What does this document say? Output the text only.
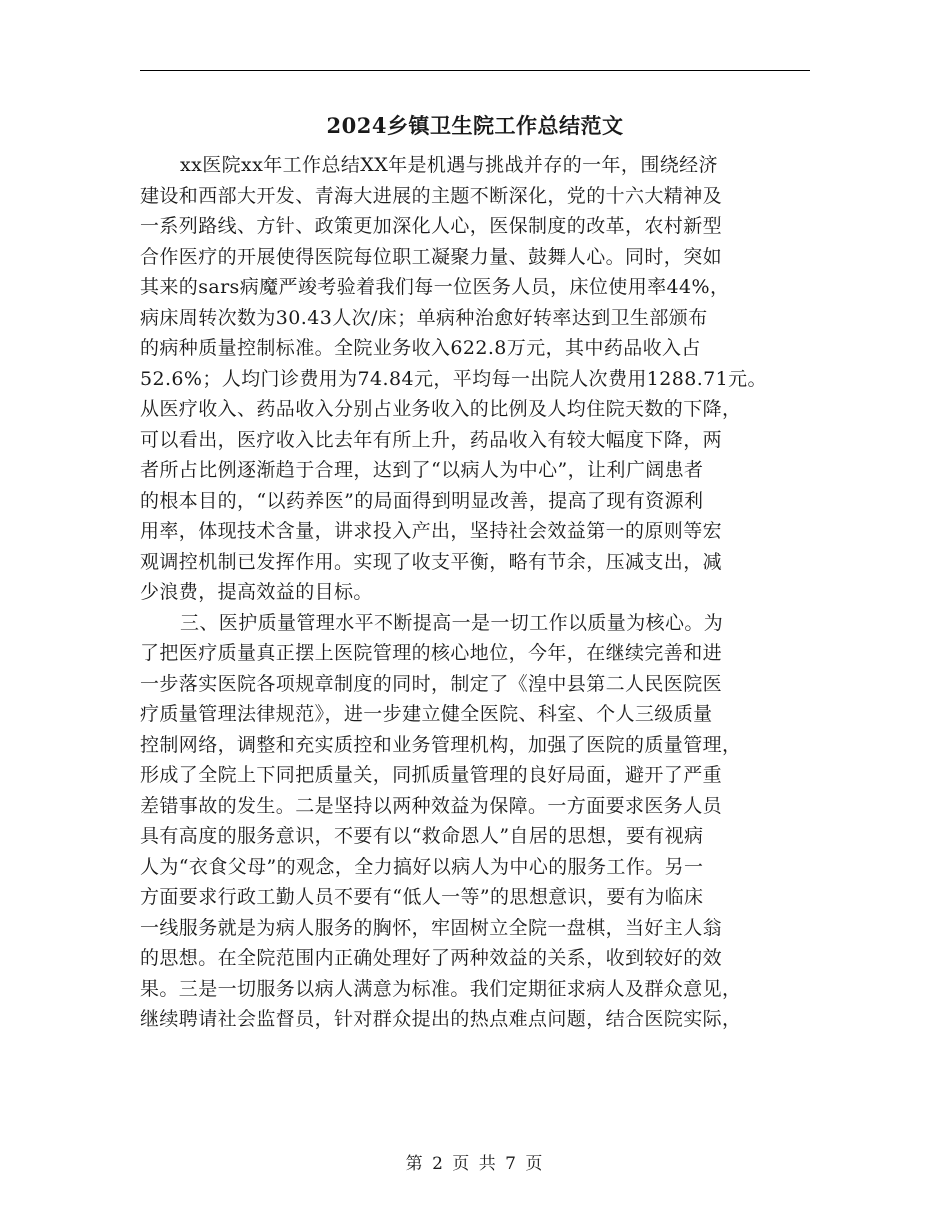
2024乡镇卫生院工作总结范文
xx医院xx年工作总结XX年是机遇与挑战并存的一年，围绕经济
建设和西部大开发、青海大进展的主题不断深化，党的十六大精神及
一系列路线、方针、政策更加深化人心，医保制度的改革，农村新型
合作医疗的开展使得医院每位职工凝聚力量、鼓舞人心。同时，突如
其来的sars病魔严竣考验着我们每一位医务人员，床位使用率44%，
病床周转次数为30.43人次/床；单病种治愈好转率达到卫生部颁布
的病种质量控制标准。全院业务收入622.8万元，其中药品收入占
52.6%；人均门诊费用为74.84元，平均每一出院人次费用1288.71元。
从医疗收入、药品收入分别占业务收入的比例及人均住院天数的下降，
可以看出，医疗收入比去年有所上升，药品收入有较大幅度下降，两
者所占比例逐渐趋于合理，达到了“以病人为中心”，让利广阔患者
的根本目的，“以药养医”的局面得到明显改善，提高了现有资源利
用率，体现技术含量，讲求投入产出，坚持社会效益第一的原则等宏
观调控机制已发挥作用。实现了收支平衡，略有节余，压减支出，减
少浪费，提高效益的目标。
三、医护质量管理水平不断提高一是一切工作以质量为核心。为
了把医疗质量真正摆上医院管理的核心地位，今年，在继续完善和进
一步落实医院各项规章制度的同时，制定了《湟中县第二人民医院医
疗质量管理法律规范》，进一步建立健全医院、科室、个人三级质量
控制网络，调整和充实质控和业务管理机构，加强了医院的质量管理，
形成了全院上下同把质量关，同抓质量管理的良好局面，避开了严重
差错事故的发生。二是坚持以两种效益为保障。一方面要求医务人员
具有高度的服务意识，不要有以“救命恩人”自居的思想，要有视病
人为“衣食父母”的观念，全力搞好以病人为中心的服务工作。另一
方面要求行政工勤人员不要有“低人一等”的思想意识，要有为临床
一线服务就是为病人服务的胸怀，牢固树立全院一盘棋，当好主人翁
的思想。在全院范围内正确处理好了两种效益的关系，收到较好的效
果。三是一切服务以病人满意为标准。我们定期征求病人及群众意见，
继续聘请社会监督员，针对群众提出的热点难点问题，结合医院实际，
第 2 页 共 7 页
